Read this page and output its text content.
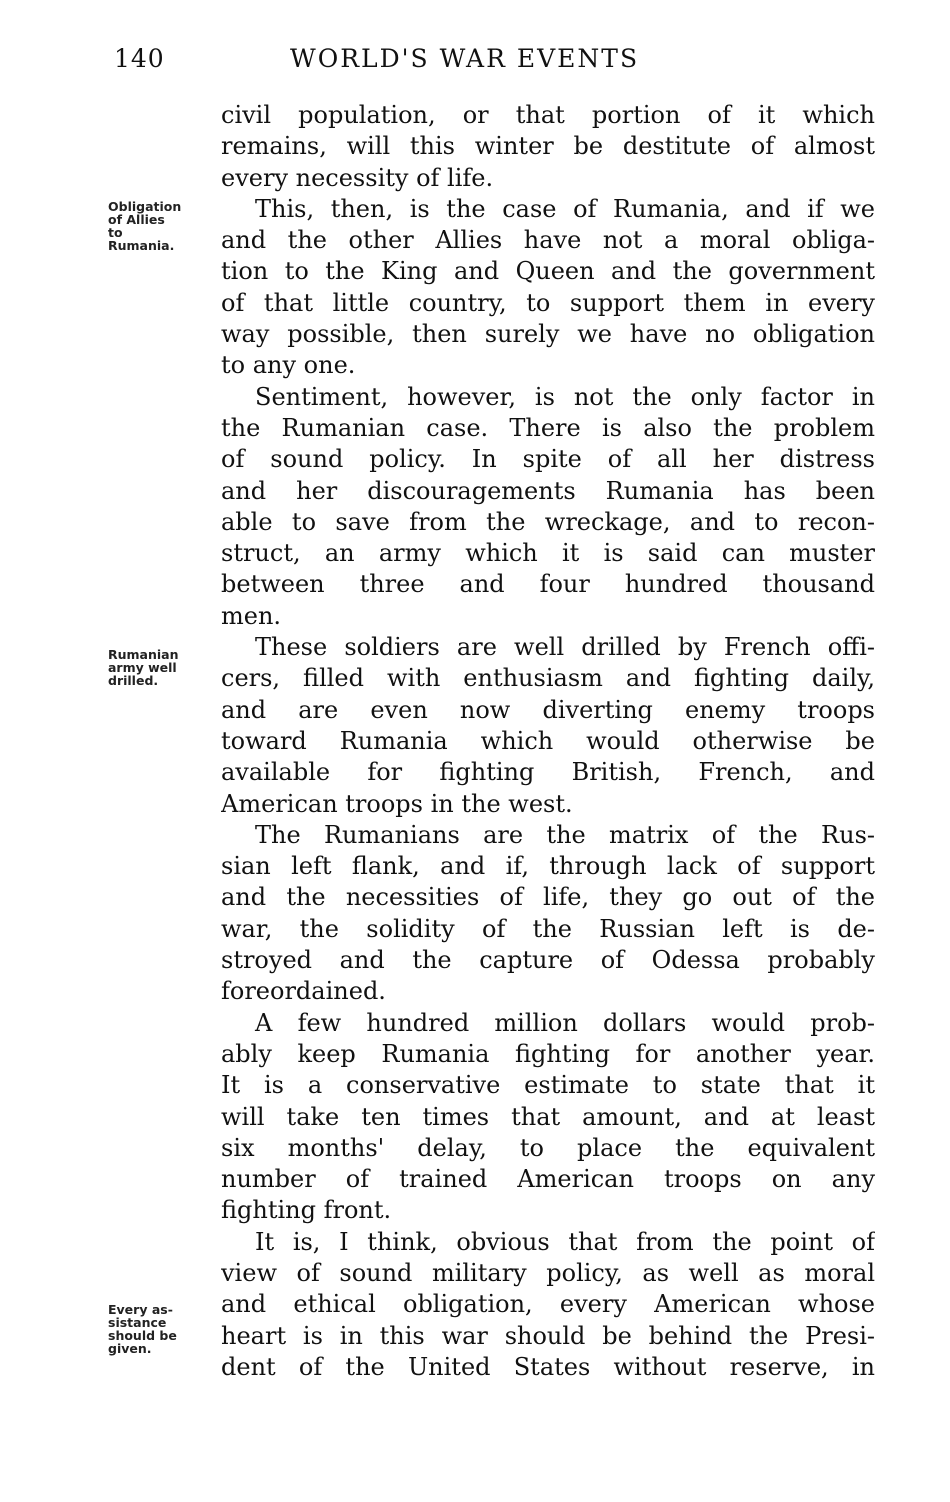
140	WORLD'S WAR EVENTS
civil population, or that portion of it which
remains, will this winter be destitute of almost
every necessity of life.
This, then, is the case of Rumania, and if we
and the other Allies have not a moral obliga-
tion to the King and Queen and the government
of that little country, to support them in every
way possible, then surely we have no obligation
to any one.
Sentiment, however, is not the only factor in
the Rumanian case. There is also the problem
of sound policy. In spite of all her distress
and her discouragements Rumania has been
able to save from the wreckage, and to recon-
struct, an army which it is said can muster
between three and four hundred thousand
men.
These soldiers are well drilled by French offi-
cers, filled with enthusiasm and fighting daily,
and are even now diverting enemy troops
toward Rumania which would otherwise be
available for fighting British, French, and
American troops in the west.
The Rumanians are the matrix of the Rus-
sian left flank, and if, through lack of support
and the necessities of life, they go out of the
war, the solidity of the Russian left is de-
stroyed and the capture of Odessa probably
foreordained.
A few hundred million dollars would prob-
ably keep Rumania fighting for another year.
It is a conservative estimate to state that it
will take ten times that amount, and at least
six months' delay, to place the equivalent
number of trained American troops on any
fighting front.
It is, I think, obvious that from the point of
view of sound military policy, as well as moral
and ethical obligation, every American whose
heart is in this war should be behind the Presi-
dent of the United States without reserve, in
Obligation
of Allies
to
Rumania.
Rumanian
army well
drilled.
Every as-
sistance
should be
given.
